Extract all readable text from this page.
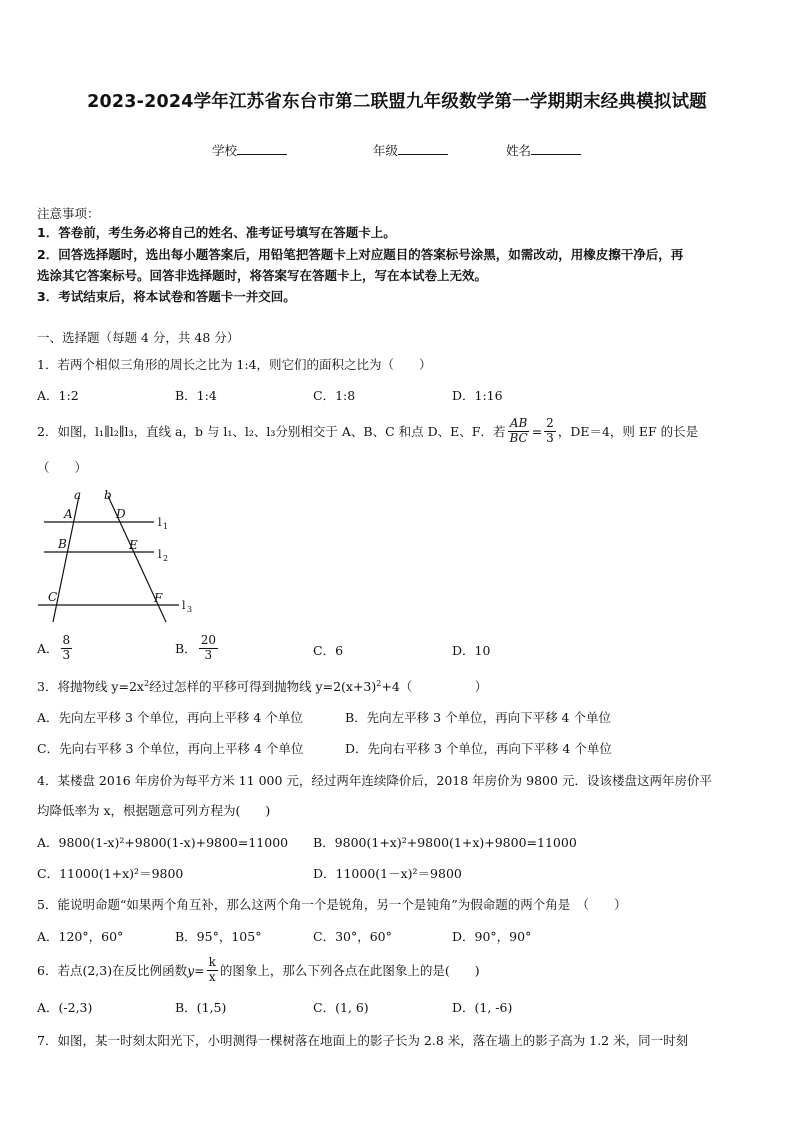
2023-2024学年江苏省东台市第二联盟九年级数学第一学期期末经典模拟试题
学校	年级	姓名
注意事项：
1．答卷前，考生务必将自己的姓名、准考证号填写在答题卡上。
2．回答选择题时，选出每小题答案后，用铅笔把答题卡上对应题目的答案标号涂黑，如需改动，用橡皮擦干净后，再
选涂其它答案标号。回答非选择题时，将答案写在答题卡上，写在本试卷上无效。
3．考试结束后，将本试卷和答题卡一并交回。
一、选择题（每题 4 分，共 48 分）
1．若两个相似三角形的周长之比为 1:4，则它们的面积之比为（　　）
A．1:2	B．1:4	C．1:8	D．1:16
2．如图，l₁∥l₂∥l₃，直线 a，b 与 l₁、l₂、l₃分别相交于 A、B、C 和点 D、E、F．若 $\frac{AB}{BC} = \frac{2}{3}$ ，DE＝4，则 EF 的长是
（　　）
a b
A	D
B	E
C	F
l 1
l 2
l 3
A． $\frac{8}{3}$	B． $\frac{20}{3}$	C．6	D．10
3．将抛物线 $y=2x^2$经过怎样的平移可得到抛物线 $y=2(x+3)^2+4$（　　　　　）
A．先向左平移 3 个单位，再向上平移 4 个单位	B．先向左平移 3 个单位，再向下平移 4 个单位
C．先向右平移 3 个单位，再向上平移 4 个单位	D．先向右平移 3 个单位，再向下平移 4 个单位
4．某楼盘 2016 年房价为每平方米 11 000 元，经过两年连续降价后，2018 年房价为 9800 元．设该楼盘这两年房价平
均降低率为 x，根据题意可列方程为(　　)
A．9800(1-x)²+9800(1-x)+9800=11000 B．9800(1+x)²+9800(1+x)+9800=11000
C．11000(1+x)²＝9800	D．11000(1－x)²＝9800
5．能说明命题“如果两个角互补，那么这两个角一个是锐角，另一个是钝角”为假命题的两个角是　（　　）
A．120°，60°	B．95°，105°	C．30°，60°	D．90°，90°
6．若点(2,3)在反比例函数 $y = \frac{k}{x}$ 的图象上，那么下列各点在此图象上的是(　　)
A．(-2,3)	B．(1,5)	C．(1, 6)	D．(1, -6)
7．如图，某一时刻太阳光下，小明测得一棵树落在地面上的影子长为 2.8 米，落在墙上的影子高为 1.2 米，同一时刻
